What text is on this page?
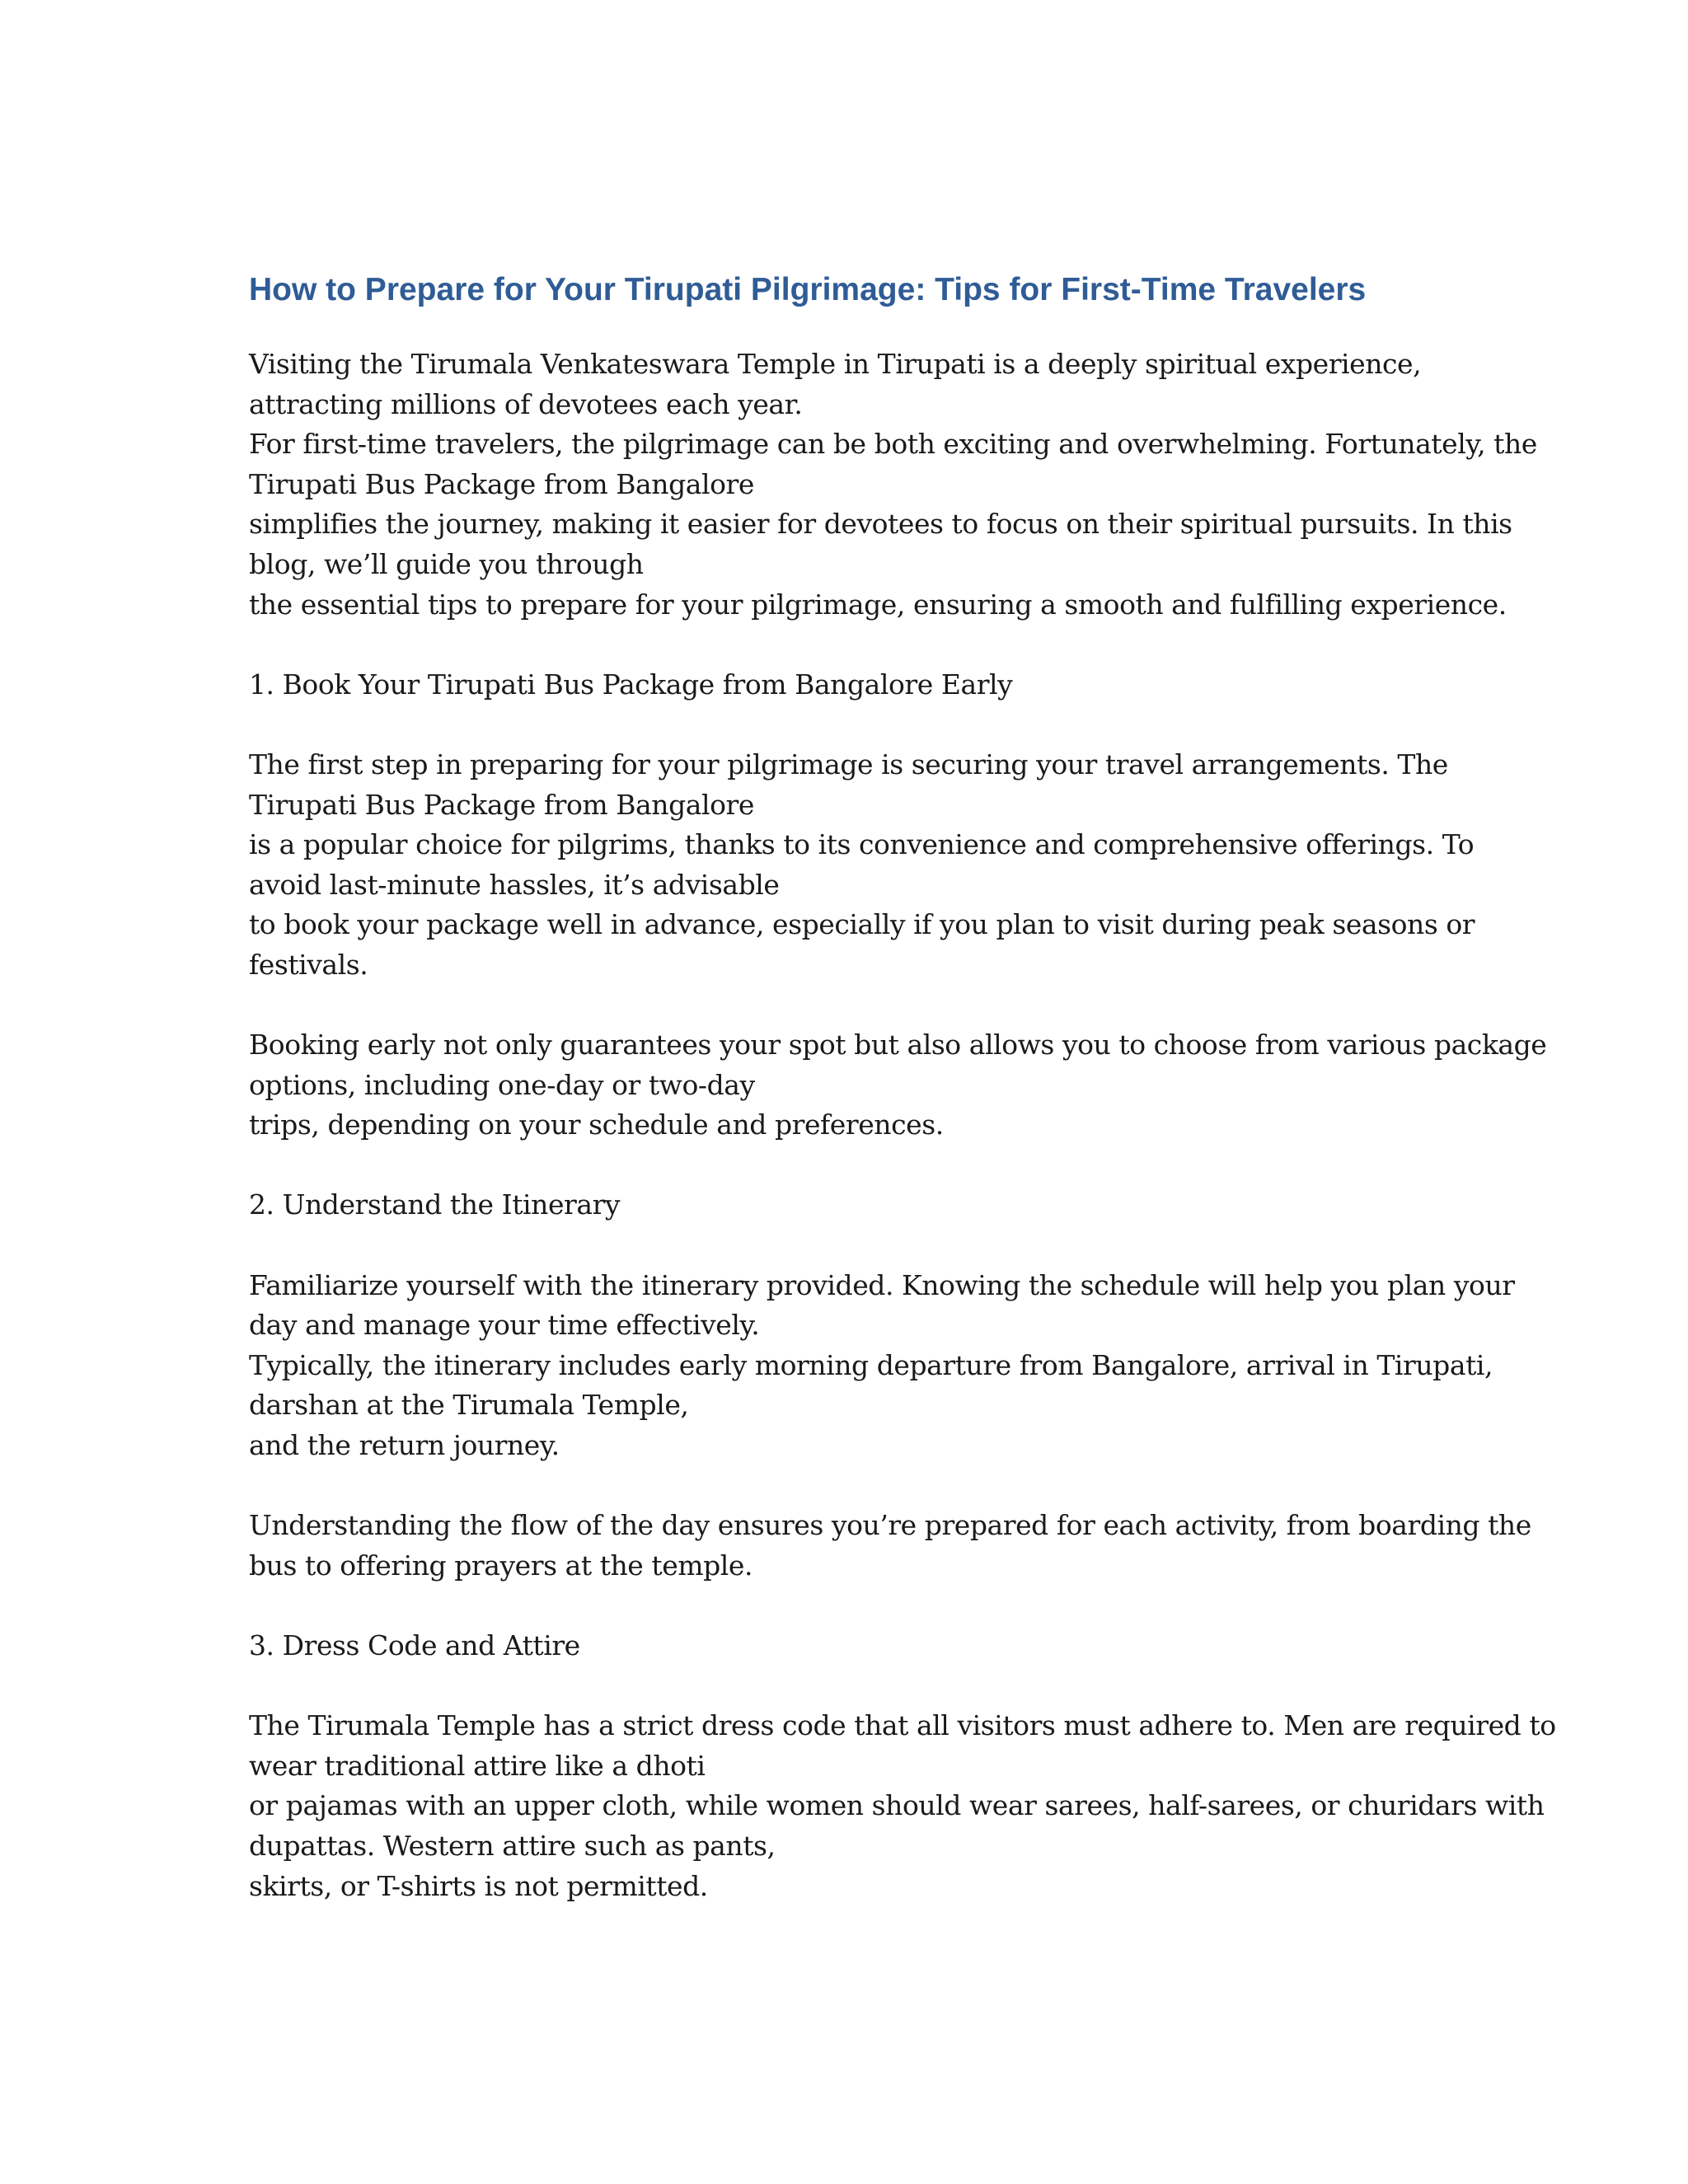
How to Prepare for Your Tirupati Pilgrimage: Tips for First-Time Travelers
Visiting the Tirumala Venkateswara Temple in Tirupati is a deeply spiritual experience,
attracting millions of devotees each year.
For first-time travelers, the pilgrimage can be both exciting and overwhelming. Fortunately, the
Tirupati Bus Package from Bangalore
simplifies the journey, making it easier for devotees to focus on their spiritual pursuits. In this
blog, we’ll guide you through
the essential tips to prepare for your pilgrimage, ensuring a smooth and fulfilling experience.
1. Book Your Tirupati Bus Package from Bangalore Early
The first step in preparing for your pilgrimage is securing your travel arrangements. The
Tirupati Bus Package from Bangalore
is a popular choice for pilgrims, thanks to its convenience and comprehensive offerings. To
avoid last-minute hassles, it’s advisable
to book your package well in advance, especially if you plan to visit during peak seasons or
festivals.
Booking early not only guarantees your spot but also allows you to choose from various package
options, including one-day or two-day
trips, depending on your schedule and preferences.
2. Understand the Itinerary
Familiarize yourself with the itinerary provided. Knowing the schedule will help you plan your
day and manage your time effectively.
Typically, the itinerary includes early morning departure from Bangalore, arrival in Tirupati,
darshan at the Tirumala Temple,
and the return journey.
Understanding the flow of the day ensures you’re prepared for each activity, from boarding the
bus to offering prayers at the temple.
3. Dress Code and Attire
The Tirumala Temple has a strict dress code that all visitors must adhere to. Men are required to
wear traditional attire like a dhoti
or pajamas with an upper cloth, while women should wear sarees, half-sarees, or churidars with
dupattas. Western attire such as pants,
skirts, or T-shirts is not permitted.
